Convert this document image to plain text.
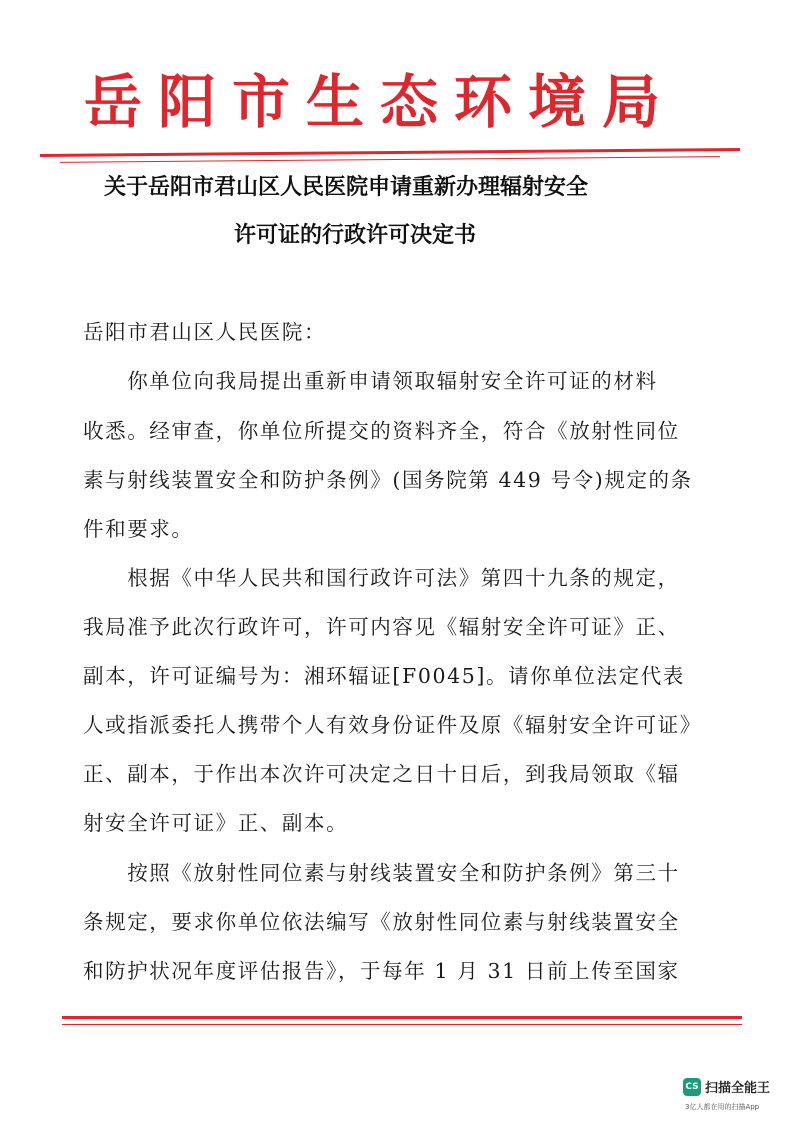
岳阳市生态环境局
关于岳阳市君山区人民医院申请重新办理辐射安全
许可证的行政许可决定书
岳阳市君山区人民医院：
　　你单位向我局提出重新申请领取辐射安全许可证的材料
收悉。经审查，你单位所提交的资料齐全，符合《放射性同位
素与射线装置安全和防护条例》(国务院第 449 号令)规定的条
件和要求。
　　根据《中华人民共和国行政许可法》第四十九条的规定，
我局准予此次行政许可，许可内容见《辐射安全许可证》正、
副本，许可证编号为：湘环辐证[F0045]。请你单位法定代表
人或指派委托人携带个人有效身份证件及原《辐射安全许可证》
正、副本，于作出本次许可决定之日十日后，到我局领取《辐
射安全许可证》正、副本。
　　按照《放射性同位素与射线装置安全和防护条例》第三十
条规定，要求你单位依法编写《放射性同位素与射线装置安全
和防护状况年度评估报告》，于每年 1 月 31 日前上传至国家
CS 扫描全能王
3亿人都在用的扫描App
